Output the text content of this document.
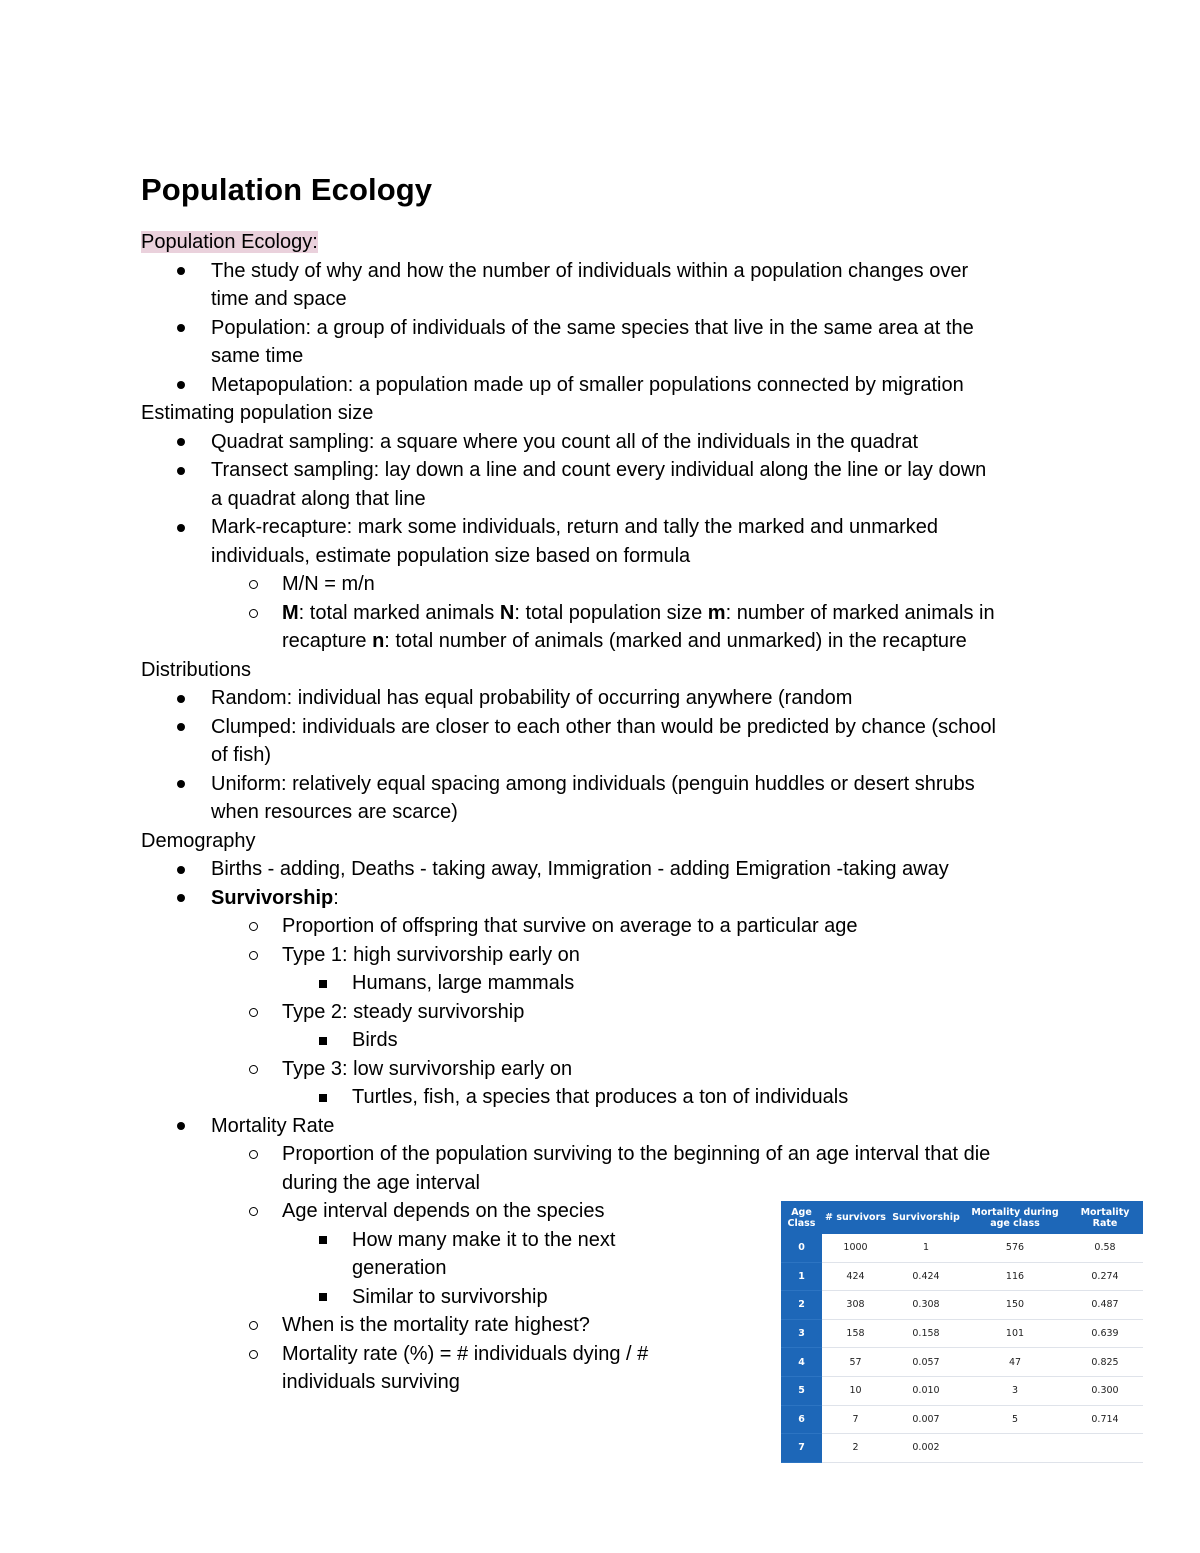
Population Ecology
Population Ecology:
The study of why and how the number of individuals within a population changes over
time and space
Population: a group of individuals of the same species that live in the same area at the
same time
Metapopulation: a population made up of smaller populations connected by migration
Estimating population size
Quadrat sampling: a square where you count all of the individuals in the quadrat
Transect sampling: lay down a line and count every individual along the line or lay down
a quadrat along that line
Mark-recapture: mark some individuals, return and tally the marked and unmarked
individuals, estimate population size based on formula
M/N = m/n
M: total marked animals N: total population size m: number of marked animals in
recapture n: total number of animals (marked and unmarked) in the recapture
Distributions
Random: individual has equal probability of occurring anywhere (random
Clumped: individuals are closer to each other than would be predicted by chance (school
of fish)
Uniform: relatively equal spacing among individuals (penguin huddles or desert shrubs
when resources are scarce)
Demography
Births - adding, Deaths - taking away, Immigration - adding Emigration -taking away
Survivorship:
Proportion of offspring that survive on average to a particular age
Type 1: high survivorship early on
Humans, large mammals
Type 2: steady survivorship
Birds
Type 3: low survivorship early on
Turtles, fish, a species that produces a ton of individuals
Mortality Rate
Proportion of the population surviving to the beginning of an age interval that die
during the age interval
Age interval depends on the species
How many make it to the next
generation
Similar to survivorship
When is the mortality rate highest?
Mortality rate (%) = # individuals dying / #
individuals surviving
Age Class	# survivors	Survivorship	Mortality during age class	Mortality Rate
0	1000	1	576	0.58
1	424	0.424	116	0.274
2	308	0.308	150	0.487
3	158	0.158	101	0.639
4	57	0.057	47	0.825
5	10	0.010	3	0.300
6	7	0.007	5	0.714
7	2	0.002		
